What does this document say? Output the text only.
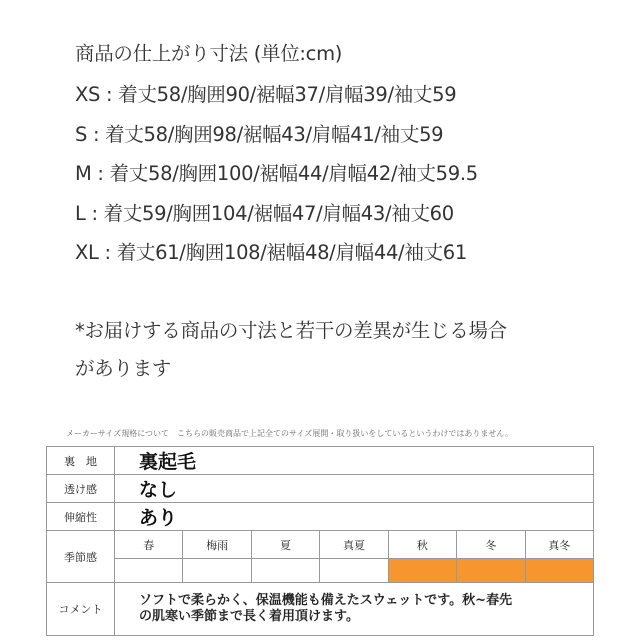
商品の仕上がり寸法 (単位:cm)
XS : 着丈58/胸囲90/裾幅37/肩幅39/袖丈59
S : 着丈58/胸囲98/裾幅43/肩幅41/袖丈59
M : 着丈58/胸囲100/裾幅44/肩幅42/袖丈59.5
L : 着丈59/胸囲104/裾幅47/肩幅43/袖丈60
XL : 着丈61/胸囲108/裾幅48/肩幅44/袖丈61
*お届けする商品の寸法と若干の差異が生じる場合
があります
メーカーサイズ規格について　こちらの販売商品で上記全てのサイズ展開・取り扱いをしているというわけではありません。
裏　地	裏起毛						
透け感	なし						
伸縮性	あり						
季節感	春	梅雨	夏	真夏	秋	冬	真冬

コメント	ソフトで柔らかく、保温機能も備えたスウェットです。秋~春先
の肌寒い季節まで長く着用頂けます。						
